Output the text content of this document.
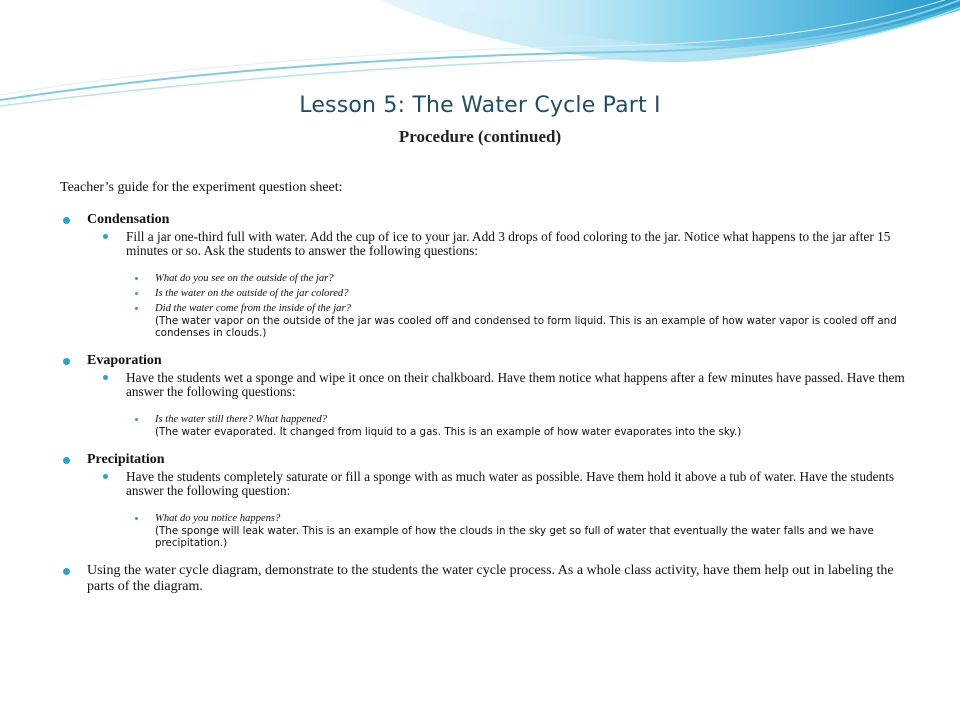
Lesson 5: The Water Cycle Part I
Procedure (continued)

Teacher’s guide for the experiment question sheet:

Condensation
Fill a jar one-third full with water. Add the cup of ice to your jar. Add 3 drops of food coloring to the jar. Notice what happens to the jar after 15 minutes or so. Ask the students to answer the following questions:
What do you see on the outside of the jar?
Is the water on the outside of the jar colored?
Did the water come from the inside of the jar?
(The water vapor on the outside of the jar was cooled off and condensed to form liquid. This is an example of how water vapor is cooled off and condenses in clouds.)
Evaporation
Have the students wet a sponge and wipe it once on their chalkboard. Have them notice what happens after a few minutes have passed. Have them answer the following questions:
Is the water still there? What happened?
(The water evaporated. It changed from liquid to a gas. This is an example of how water evaporates into the sky.)
Precipitation
Have the students completely saturate or fill a sponge with as much water as possible. Have them hold it above a tub of water. Have the students answer the following question:
What do you notice happens?
(The sponge will leak water. This is an example of how the clouds in the sky get so full of water that eventually the water falls and we have precipitation.)
Using the water cycle diagram, demonstrate to the students the water cycle process. As a whole class activity, have them help out in labeling the parts of the diagram.
